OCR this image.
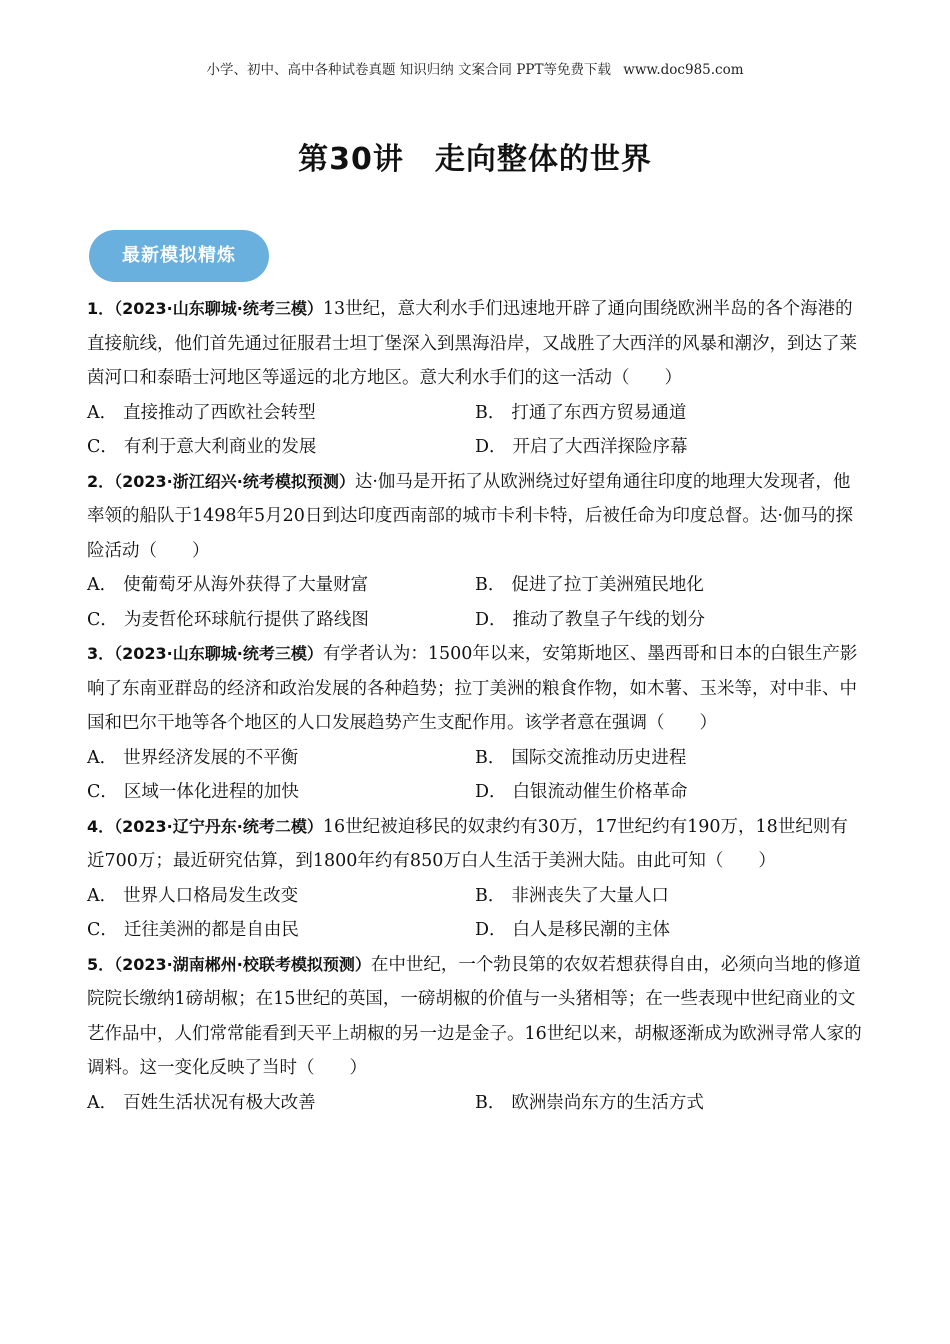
小学、初中、高中各种试卷真题 知识归纳 文案合同 PPT等免费下载 www.doc985.com
第30讲　走向整体的世界
最新模拟精炼

1．（2023·山东聊城·统考三模）13世纪，意大利水手们迅速地开辟了通向围绕欧洲半岛的各个海港的直接航线，他们首先通过征服君士坦丁堡深入到黑海沿岸，又战胜了大西洋的风暴和潮汐，到达了莱茵河口和泰晤士河地区等遥远的北方地区。意大利水手们的这一活动（　　）

A． 直接推动了西欧社会转型	B． 打通了东西方贸易通道
C． 有利于意大利商业的发展	D． 开启了大西洋探险序幕

2．（2023·浙江绍兴·统考模拟预测）达·伽马是开拓了从欧洲绕过好望角通往印度的地理大发现者，他率领的船队于1498年5月20日到达印度西南部的城市卡利卡特，后被任命为印度总督。达·伽马的探险活动（　　）

A． 使葡萄牙从海外获得了大量财富	B． 促进了拉丁美洲殖民地化
C． 为麦哲伦环球航行提供了路线图	D． 推动了教皇子午线的划分

3．（2023·山东聊城·统考三模）有学者认为：1500年以来，安第斯地区、墨西哥和日本的白银生产影响了东南亚群岛的经济和政治发展的各种趋势；拉丁美洲的粮食作物，如木薯、玉米等，对中非、中国和巴尔干地等各个地区的人口发展趋势产生支配作用。该学者意在强调（　　）

A． 世界经济发展的不平衡	B． 国际交流推动历史进程
C． 区域一体化进程的加快	D． 白银流动催生价格革命

4．（2023·辽宁丹东·统考二模）16世纪被迫移民的奴隶约有30万，17世纪约有190万，18世纪则有近700万；最近研究估算，到1800年约有850万白人生活于美洲大陆。由此可知（　　）

A． 世界人口格局发生改变	B． 非洲丧失了大量人口
C． 迁往美洲的都是自由民	D． 白人是移民潮的主体

5．（2023·湖南郴州·校联考模拟预测）在中世纪，一个勃艮第的农奴若想获得自由，必须向当地的修道院院长缴纳1磅胡椒；在15世纪的英国，一磅胡椒的价值与一头猪相等；在一些表现中世纪商业的文艺作品中，人们常常能看到天平上胡椒的另一边是金子。16世纪以来，胡椒逐渐成为欧洲寻常人家的调料。这一变化反映了当时（　　）

A． 百姓生活状况有极大改善	B． 欧洲崇尚东方的生活方式
